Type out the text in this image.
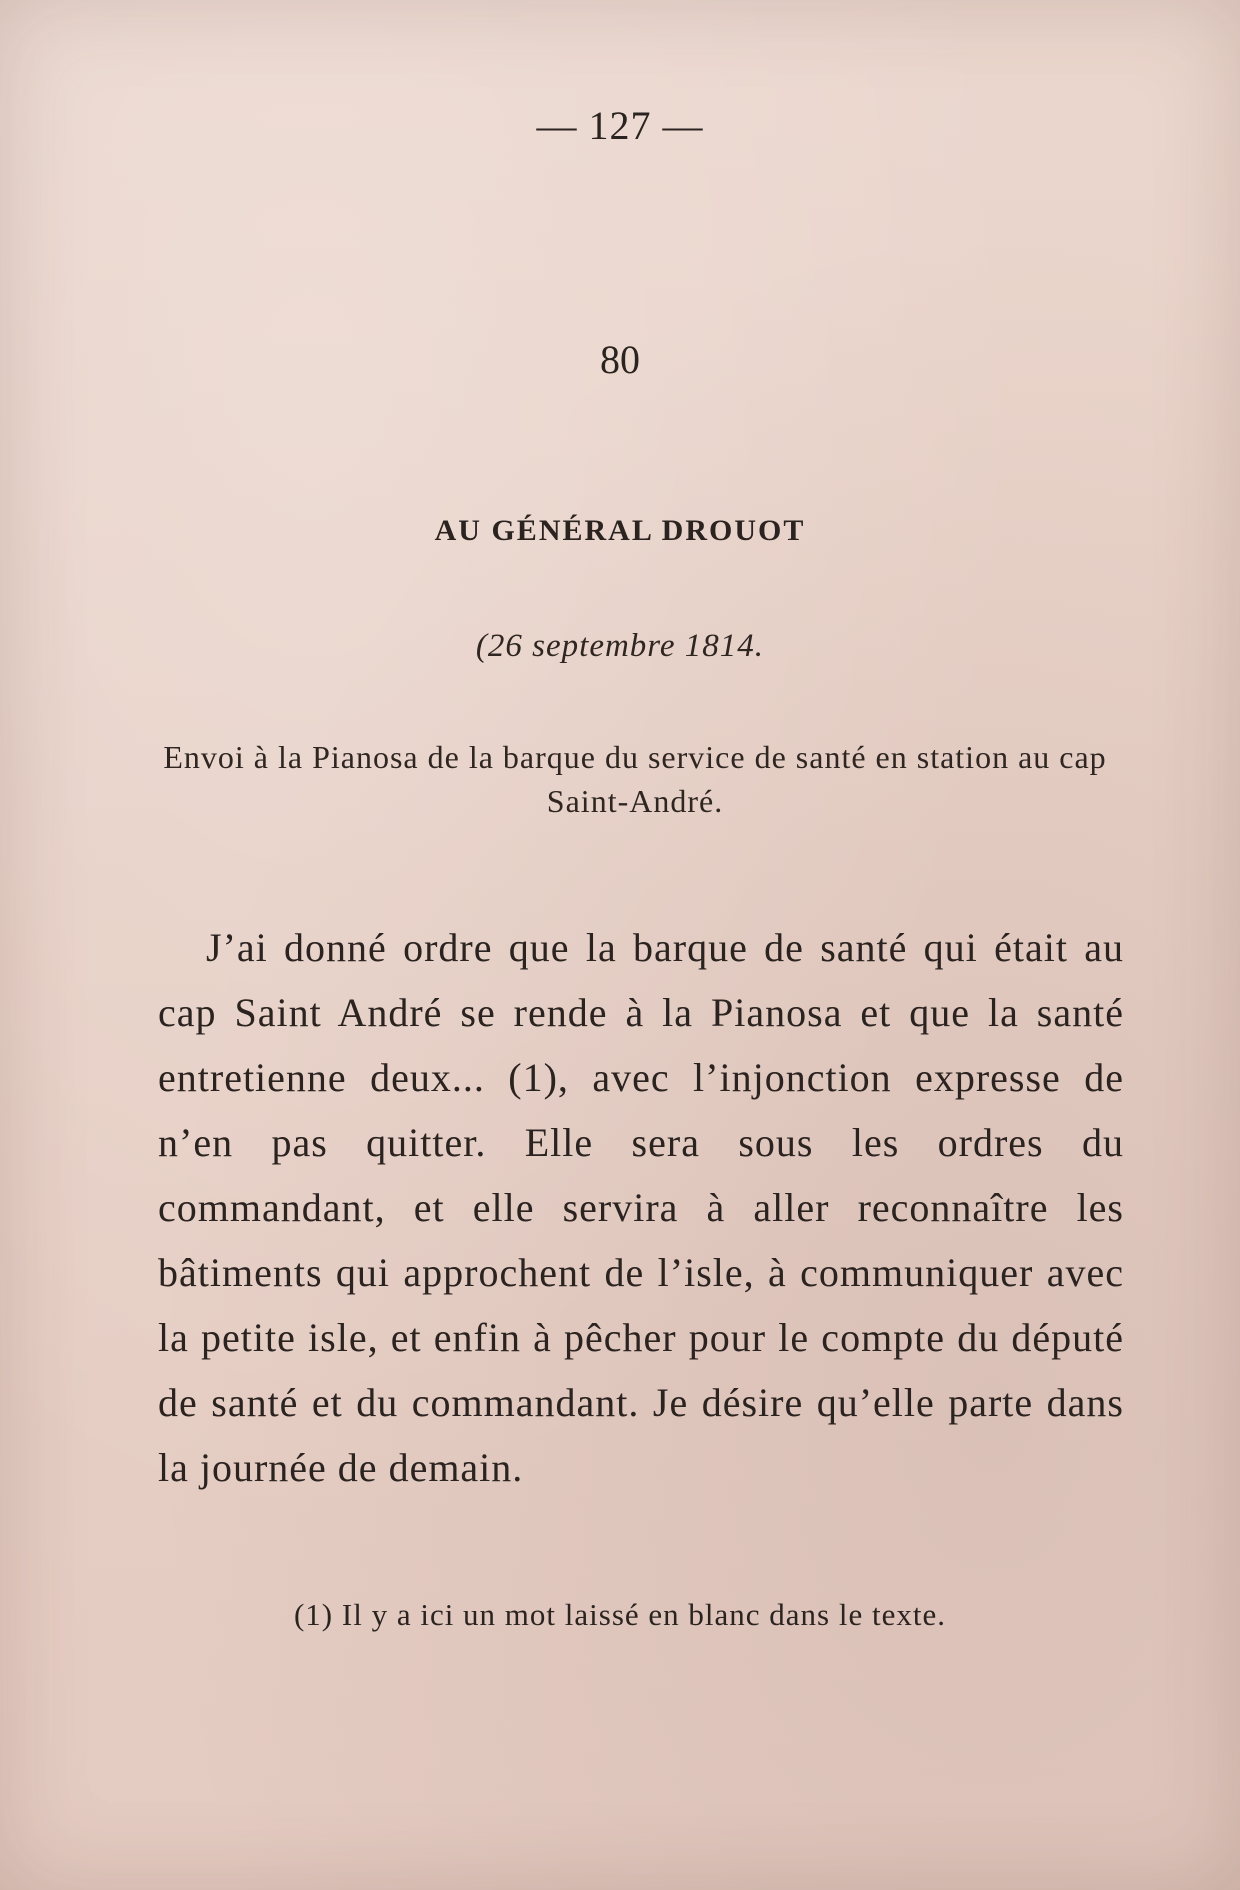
— 127 —
80
AU GÉNÉRAL DROUOT
(26 septembre 1814.
Envoi à la Pianosa de la barque du service de santé en station au cap Saint-André.
J’ai donné ordre que la barque de santé qui était au cap Saint André se rende à la Pianosa et que la santé entretienne deux... (1), avec l’injonction expresse de n’en pas quitter. Elle sera sous les ordres du commandant, et elle servira à aller reconnaître les bâtiments qui approchent de l’isle, à communiquer avec la petite isle, et enfin à pêcher pour le compte du député de santé et du commandant. Je désire qu’elle parte dans la journée de demain.
(1) Il y a ici un mot laissé en blanc dans le texte.
